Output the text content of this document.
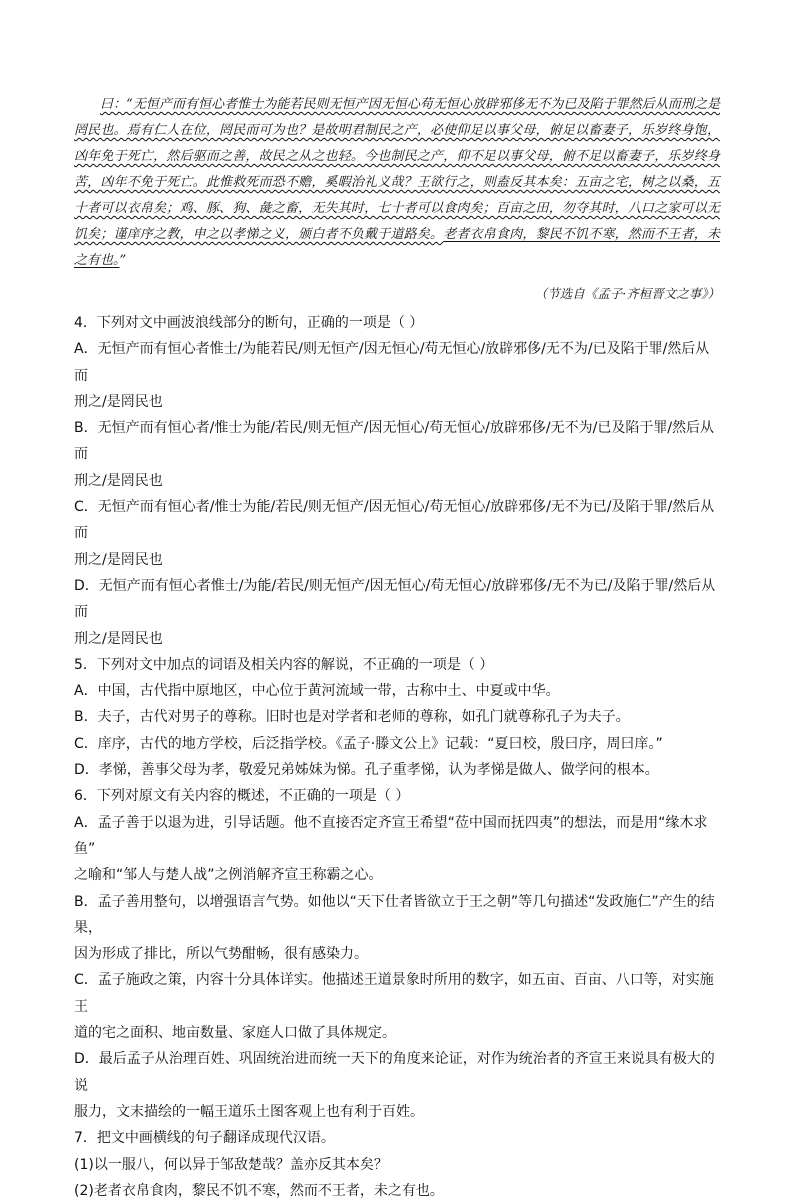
曰：“无恒产而有恒心者惟士为能若民则无恒产因无恒心苟无恒心放辟邪侈无不为已及陷于罪然后从而刑之是罔民也。焉有仁人在位，罔民而可为也？是故明君制民之产，必使仰足以事父母，俯足以畜妻子，乐岁终身饱，凶年免于死亡，然后驱而之善，故民之从之也轻。今也制民之产，仰不足以事父母，俯不足以畜妻子，乐岁终身苦，凶年不免于死亡。此惟救死而恐不赡，奚暇治礼义哉？王欲行之，则盍反其本矣：五亩之宅，树之以桑，五十者可以衣帛矣；鸡、豚、狗、彘之畜，无失其时，七十者可以食肉矣；百亩之田，勿夺其时，八口之家可以无饥矣；谨庠序之教，申之以孝悌之义，颁白者不负戴于道路矣。老者衣帛食肉，黎民不饥不寒，然而不王者，未之有也。”
（节选自《孟子·齐桓晋文之事》）

4．下列对文中画波浪线部分的断句，正确的一项是（ ）

A．无恒产而有恒心者惟士/为能若民/则无恒产/因无恒心/苟无恒心/放辟邪侈/无不为/已及陷于罪/然后从而

刑之/是罔民也

B．无恒产而有恒心者/惟士为能/若民/则无恒产/因无恒心/苟无恒心/放辟邪侈/无不为/已及陷于罪/然后从而

刑之/是罔民也

C．无恒产而有恒心者/惟士为能/若民/则无恒产/因无恒心/苟无恒心/放辟邪侈/无不为已/及陷于罪/然后从而

刑之/是罔民也

D．无恒产而有恒心者惟士/为能/若民/则无恒产/因无恒心/苟无恒心/放辟邪侈/无不为已/及陷于罪/然后从而

刑之/是罔民也

5．下列对文中加点的词语及相关内容的解说，不正确的一项是（ ）

A．中国，古代指中原地区，中心位于黄河流域一带，古称中土、中夏或中华。

B．夫子，古代对男子的尊称。旧时也是对学者和老师的尊称，如孔门就尊称孔子为夫子。

C．庠序，古代的地方学校，后泛指学校。《孟子·滕文公上》记载：“夏曰校，殷曰序，周曰庠。”

D．孝悌，善事父母为孝，敬爱兄弟姊妹为悌。孔子重孝悌，认为孝悌是做人、做学问的根本。

6．下列对原文有关内容的概述，不正确的一项是（ ）

A．孟子善于以退为进，引导话题。他不直接否定齐宣王希望“莅中国而抚四夷”的想法，而是用“缘木求鱼”

之喻和“邹人与楚人战”之例消解齐宣王称霸之心。

B．孟子善用整句，以增强语言气势。如他以“天下仕者皆欲立于王之朝”等几句描述“发政施仁”产生的结果，

因为形成了排比，所以气势酣畅，很有感染力。

C．孟子施政之策，内容十分具体详实。他描述王道景象时所用的数字，如五亩、百亩、八口等，对实施王

道的宅之面积、地亩数量、家庭人口做了具体规定。

D．最后孟子从治理百姓、巩固统治进而统一天下的角度来论证，对作为统治者的齐宣王来说具有极大的说

服力，文末描绘的一幅王道乐土图客观上也有利于百姓。

7．把文中画横线的句子翻译成现代汉语。

(1)以一服八，何以异于邹敌楚哉？盖亦反其本矣？

(2)老者衣帛食肉，黎民不饥不寒，然而不王者，未之有也。
